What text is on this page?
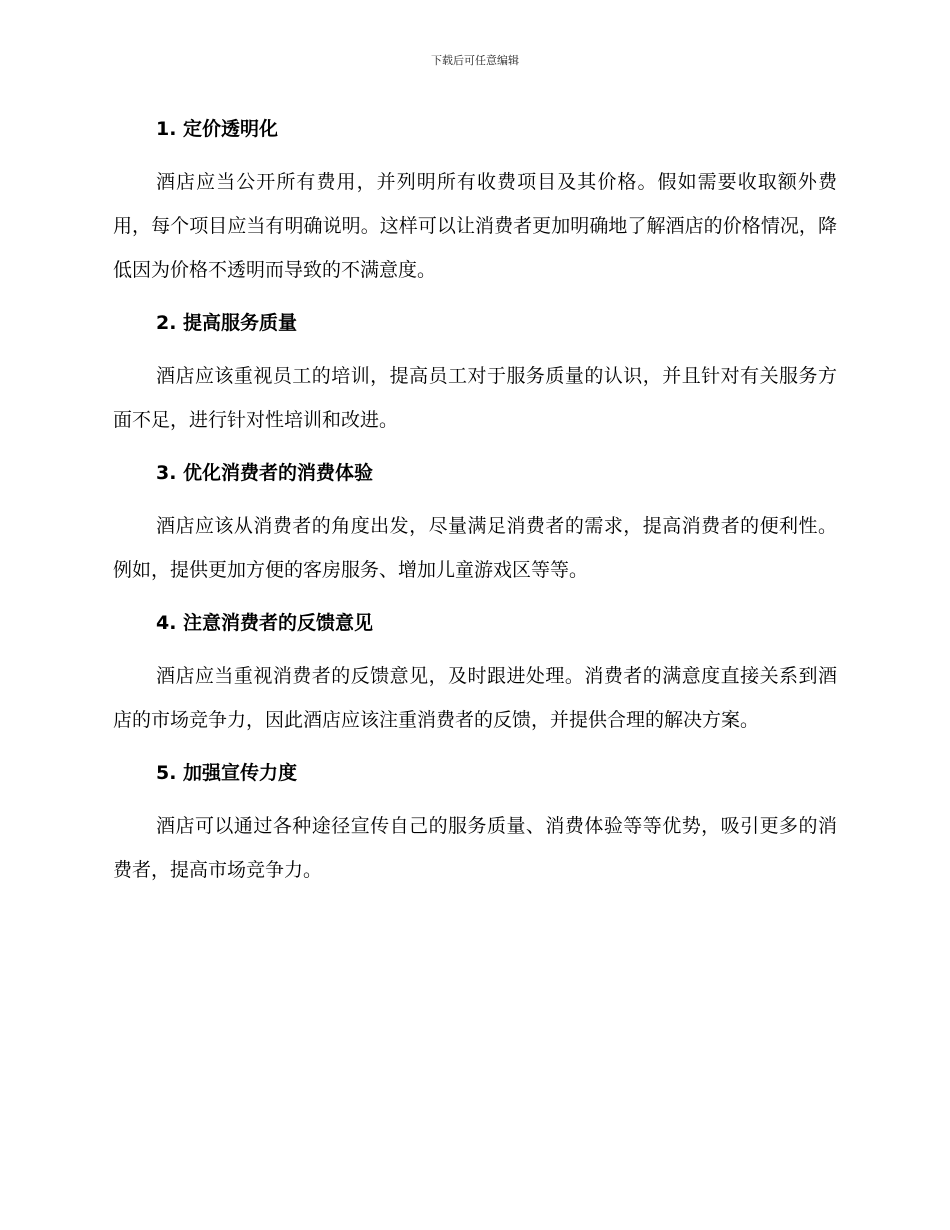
下载后可任意编辑
1. 定价透明化
酒店应当公开所有费用，并列明所有收费项目及其价格。假如需要收取额外费用，每个项目应当有明确说明。这样可以让消费者更加明确地了解酒店的价格情况，降低因为价格不透明而导致的不满意度。
2. 提高服务质量
酒店应该重视员工的培训，提高员工对于服务质量的认识，并且针对有关服务方面不足，进行针对性培训和改进。
3. 优化消费者的消费体验
酒店应该从消费者的角度出发，尽量满足消费者的需求，提高消费者的便利性。例如，提供更加方便的客房服务、增加儿童游戏区等等。
4. 注意消费者的反馈意见
酒店应当重视消费者的反馈意见，及时跟进处理。消费者的满意度直接关系到酒店的市场竞争力，因此酒店应该注重消费者的反馈，并提供合理的解决方案。
5. 加强宣传力度
酒店可以通过各种途径宣传自己的服务质量、消费体验等等优势，吸引更多的消费者，提高市场竞争力。
